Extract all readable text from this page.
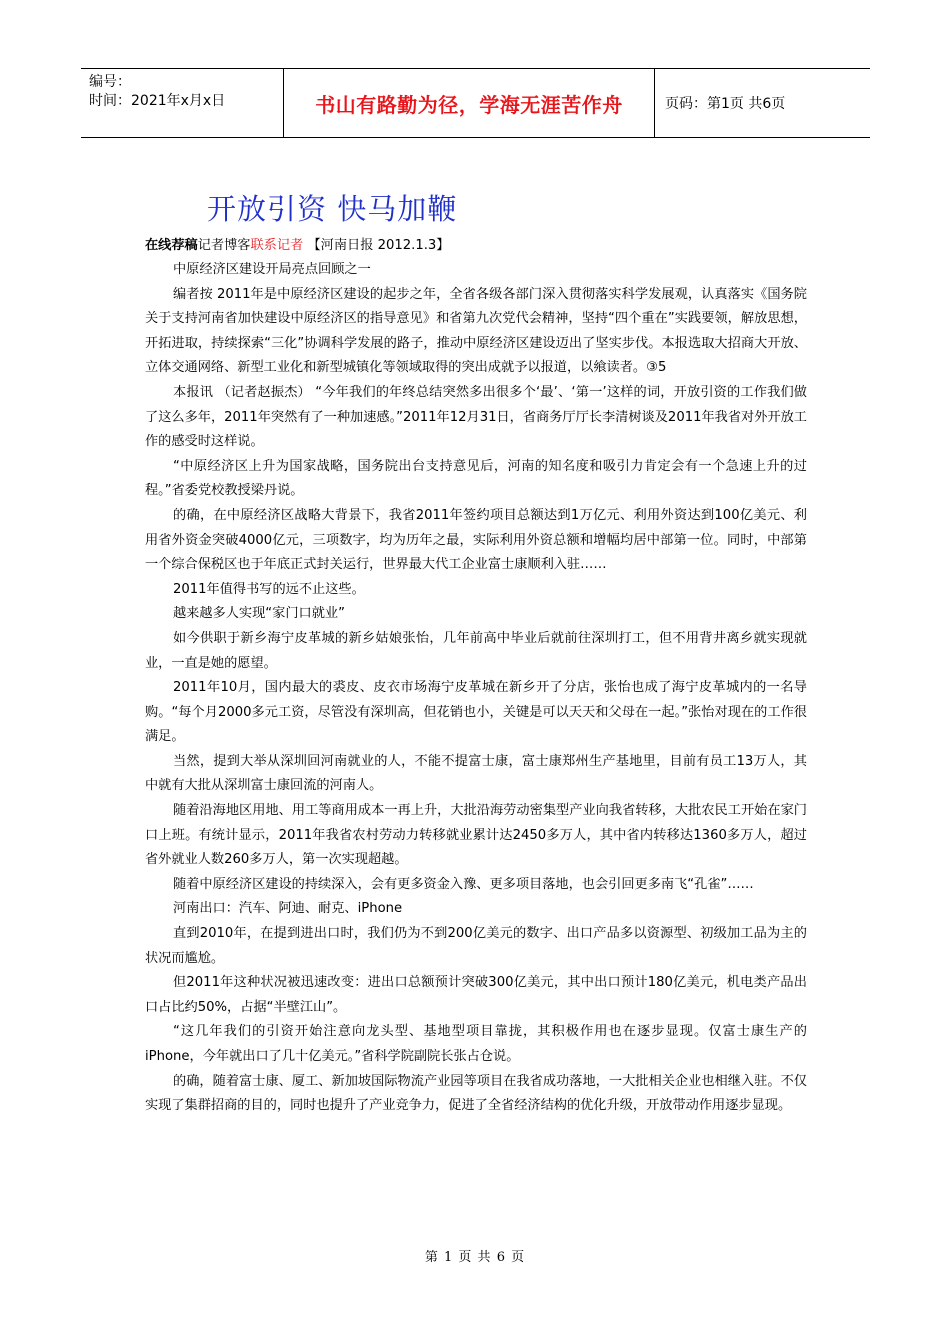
编号：
时间：2021年x月x日	书山有路勤为径，学海无涯苦作舟	页码：第1页 共6页
开放引资 快马加鞭
在线荐稿记者博客联系记者 【河南日报 2012.1.3】

中原经济区建设开局亮点回顾之一

编者按 2011年是中原经济区建设的起步之年，全省各级各部门深入贯彻落实科学发展观，认真落实《国务院关于支持河南省加快建设中原经济区的指导意见》和省第九次党代会精神，坚持“四个重在”实践要领，解放思想，开拓进取，持续探索“三化”协调科学发展的路子，推动中原经济区建设迈出了坚实步伐。本报选取大招商大开放、立体交通网络、新型工业化和新型城镇化等领域取得的突出成就予以报道，以飨读者。③5

本报讯 （记者赵振杰） “今年我们的年终总结突然多出很多个‘最’、‘第一’这样的词，开放引资的工作我们做了这么多年，2011年突然有了一种加速感。”2011年12月31日，省商务厅厅长李清树谈及2011年我省对外开放工作的感受时这样说。

“中原经济区上升为国家战略，国务院出台支持意见后，河南的知名度和吸引力肯定会有一个急速上升的过程。”省委党校教授梁丹说。

的确，在中原经济区战略大背景下，我省2011年签约项目总额达到1万亿元、利用外资达到100亿美元、利用省外资金突破4000亿元，三项数字，均为历年之最，实际利用外资总额和增幅均居中部第一位。同时，中部第一个综合保税区也于年底正式封关运行，世界最大代工企业富士康顺利入驻……

2011年值得书写的远不止这些。

越来越多人实现“家门口就业”

如今供职于新乡海宁皮革城的新乡姑娘张怡，几年前高中毕业后就前往深圳打工，但不用背井离乡就实现就业，一直是她的愿望。

2011年10月，国内最大的裘皮、皮衣市场海宁皮革城在新乡开了分店，张怡也成了海宁皮革城内的一名导购。“每个月2000多元工资，尽管没有深圳高，但花销也小，关键是可以天天和父母在一起。”张怡对现在的工作很满足。

当然，提到大举从深圳回河南就业的人，不能不提富士康，富士康郑州生产基地里，目前有员工13万人，其中就有大批从深圳富士康回流的河南人。

随着沿海地区用地、用工等商用成本一再上升，大批沿海劳动密集型产业向我省转移，大批农民工开始在家门口上班。有统计显示，2011年我省农村劳动力转移就业累计达2450多万人，其中省内转移达1360多万人，超过省外就业人数260多万人，第一次实现超越。

随着中原经济区建设的持续深入，会有更多资金入豫、更多项目落地，也会引回更多南飞“孔雀”……

河南出口：汽车、阿迪、耐克、iPhone

直到2010年，在提到进出口时，我们仍为不到200亿美元的数字、出口产品多以资源型、初级加工品为主的状况而尴尬。

但2011年这种状况被迅速改变：进出口总额预计突破300亿美元，其中出口预计180亿美元，机电类产品出口占比约50%，占据“半壁江山”。

“这几年我们的引资开始注意向龙头型、基地型项目靠拢，其积极作用也在逐步显现。仅富士康生产的iPhone，今年就出口了几十亿美元。”省科学院副院长张占仓说。

的确，随着富士康、厦工、新加坡国际物流产业园等项目在我省成功落地，一大批相关企业也相继入驻。不仅实现了集群招商的目的，同时也提升了产业竞争力，促进了全省经济结构的优化升级，开放带动作用逐步显现。

第 1 页 共 6 页
